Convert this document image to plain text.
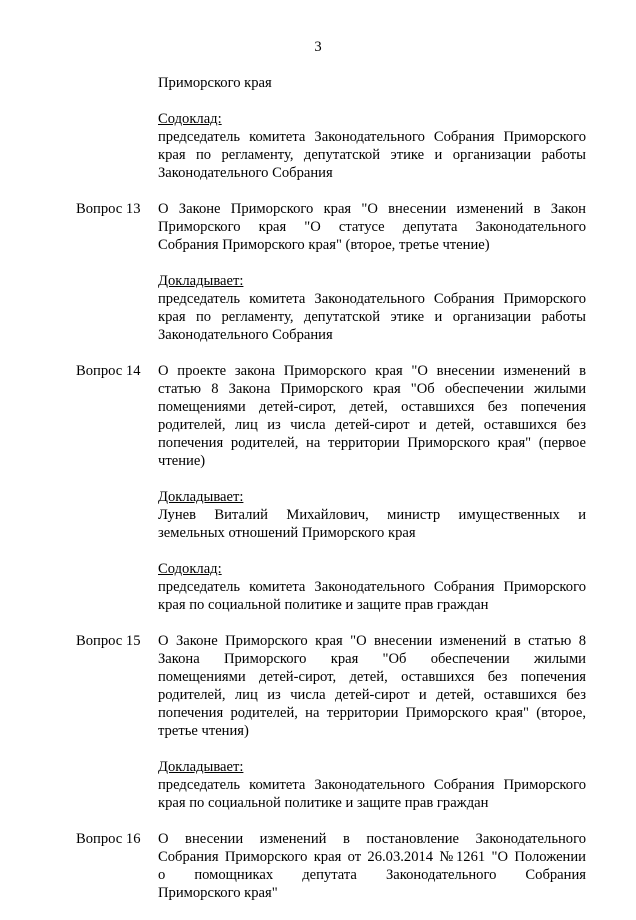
3
Приморского края
Содоклад:
председатель комитета Законодательного Собрания Приморского
края по регламенту, депутатской этике и организации работы
Законодательного Собрания
Вопрос 13 О Законе Приморского края "О внесении изменений в Закон
Приморского края "О статусе депутата Законодательного
Собрания Приморского края" (второе, третье чтение)
Докладывает:
председатель комитета Законодательного Собрания Приморского
края по регламенту, депутатской этике и организации работы
Законодательного Собрания
Вопрос 14 О проекте закона Приморского края "О внесении изменений в
статью 8 Закона Приморского края "Об обеспечении жилыми
помещениями детей-сирот, детей, оставшихся без попечения
родителей, лиц из числа детей-сирот и детей, оставшихся без
попечения родителей, на территории Приморского края" (первое
чтение)
Докладывает:
Лунев Виталий Михайлович, министр имущественных и
земельных отношений Приморского края
Содоклад:
председатель комитета Законодательного Собрания Приморского
края по социальной политике и защите прав граждан
Вопрос 15 О Законе Приморского края "О внесении изменений в статью 8
Закона Приморского края "Об обеспечении жилыми
помещениями детей-сирот, детей, оставшихся без попечения
родителей, лиц из числа детей-сирот и детей, оставшихся без
попечения родителей, на территории Приморского края" (второе,
третье чтения)
Докладывает:
председатель комитета Законодательного Собрания Приморского
края по социальной политике и защите прав граждан
Вопрос 16 О внесении изменений в постановление Законодательного
Собрания Приморского края от 26.03.2014 №1261 "О Положении
о помощниках депутата Законодательного Собрания
Приморского края"
